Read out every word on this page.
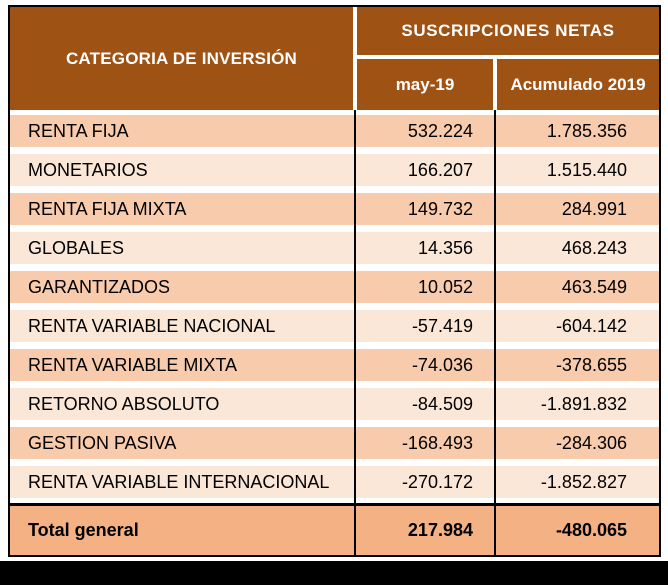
CATEGORIA DE INVERSIÓN
SUSCRIPCIONES NETAS
may-19	Acumulado 2019
RENTA FIJA	532.224	1.785.356
MONETARIOS	166.207	1.515.440
RENTA FIJA MIXTA	149.732	284.991
GLOBALES	14.356	468.243
GARANTIZADOS	10.052	463.549
RENTA VARIABLE NACIONAL	-57.419	-604.142
RENTA VARIABLE MIXTA	-74.036	-378.655
RETORNO ABSOLUTO	-84.509	-1.891.832
GESTION PASIVA	-168.493	-284.306
RENTA VARIABLE INTERNACIONAL	-270.172	-1.852.827
Total general	217.984	-480.065
